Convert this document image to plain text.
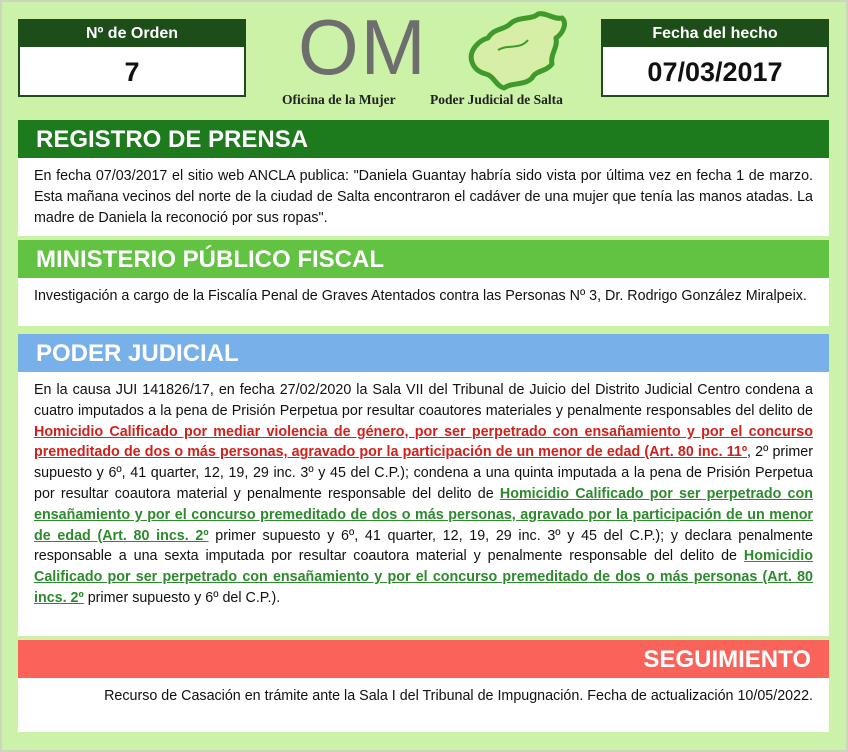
Nº de Orden
7	OM
Oficina de la Mujer	Poder Judicial de Salta
Fecha del hecho
07/03/2017
REGISTRO DE PRENSA
En fecha 07/03/2017 el sitio web ANCLA publica: "Daniela Guantay habría sido vista por última vez en fecha 1 de marzo. Esta mañana vecinos del norte de la ciudad de Salta encontraron el cadáver de una mujer que tenía las manos atadas. La madre de Daniela la reconoció por sus ropas".
MINISTERIO PÚBLICO FISCAL
Investigación a cargo de la Fiscalía Penal de Graves Atentados contra las Personas Nº 3, Dr. Rodrigo González Miralpeix.
PODER JUDICIAL
En la causa JUI 141826/17, en fecha 27/02/2020 la Sala VII del Tribunal de Juicio del Distrito Judicial Centro condena a cuatro imputados a la pena de Prisión Perpetua por resultar coautores materiales y penalmente responsables del delito de Homicidio Calificado por mediar violencia de género, por ser perpetrado con ensañamiento y por el concurso premeditado de dos o más personas, agravado por la participación de un menor de edad (Art. 80 inc. 11º, 2º primer supuesto y 6º, 41 quarter, 12, 19, 29 inc. 3º y 45 del C.P.); condena a una quinta imputada a la pena de Prisión Perpetua por resultar coautora material y penalmente responsable del delito de Homicidio Calificado por ser perpetrado con ensañamiento y por el concurso premeditado de dos o más personas, agravado por la participación de un menor de edad (Art. 80 incs. 2º primer supuesto y 6º, 41 quarter, 12, 19, 29 inc. 3º y 45 del C.P.); y declara penalmente responsable a una sexta imputada por resultar coautora material y penalmente responsable del delito de Homicidio Calificado por ser perpetrado con ensañamiento y por el concurso premeditado de dos o más personas (Art. 80 incs. 2º primer supuesto y 6º del C.P.).
SEGUIMIENTO
Recurso de Casación en trámite ante la Sala I del Tribunal de Impugnación. Fecha de actualización 10/05/2022.
